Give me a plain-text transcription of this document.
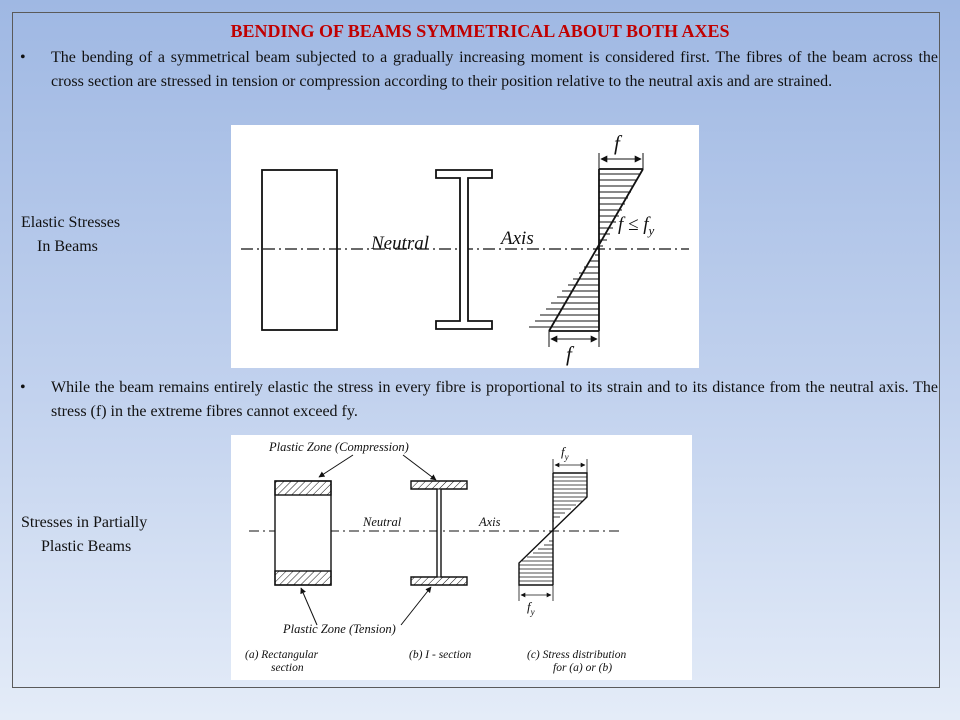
BENDING OF BEAMS SYMMETRICAL ABOUT BOTH AXES

• The bending of a symmetrical beam subjected to a gradually increasing moment is considered first. The fibres of the beam across the cross section are stressed in tension or compression according to their position relative to the neutral axis and are strained.

Elastic Stresses
In Beams	Neutral	Axis
f
$f \le f_y$
f

• While the beam remains entirely elastic the stress in every fibre is proportional to its strain and to its distance from the neutral axis. The stress (f) in the extreme fibres cannot exceed fy.

Stresses in Partially
Plastic Beams

Plastic Zone (Compression)
Neutral	Axis
$f_y$
$f_y$
Plastic Zone (Tension)
(a) Rectangular
section
(b) I - section	(c) Stress distribution
for (a) or (b)
